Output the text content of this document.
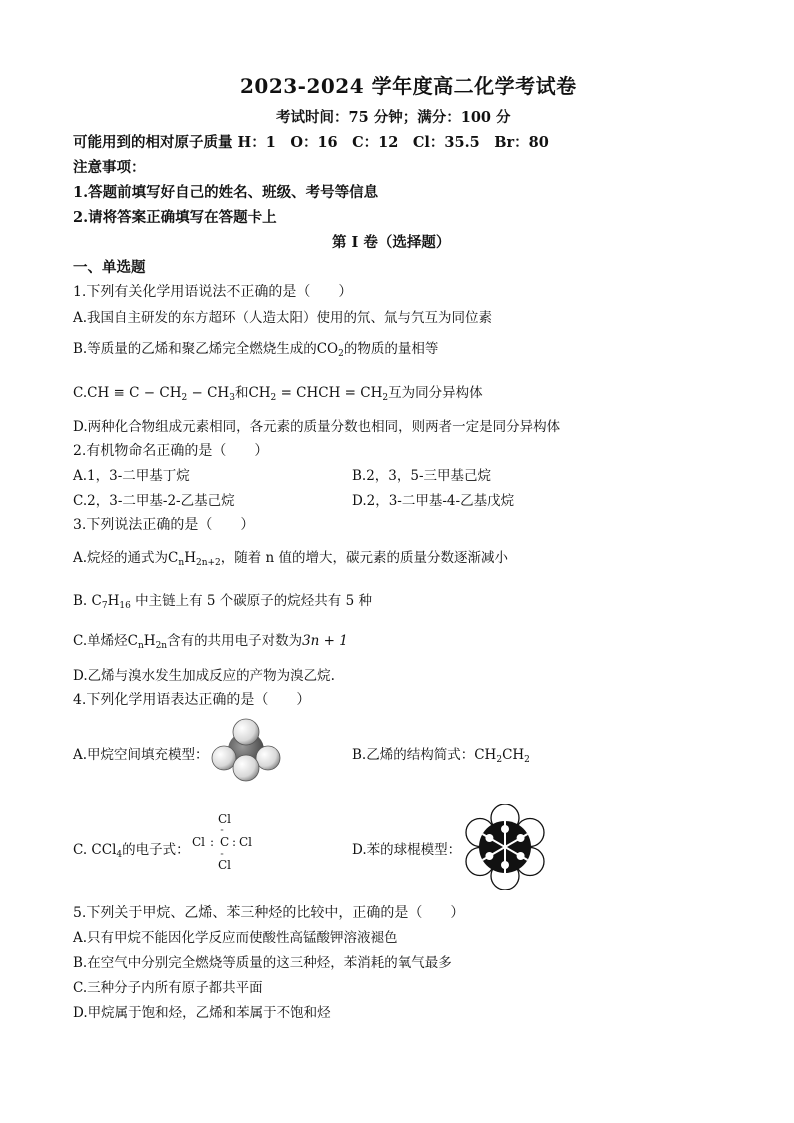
2023-2024 学年度高二化学考试卷
考试时间：75 分钟；满分：100 分
可能用到的相对原子质量 H：1　O：16　C：12　Cl：35.5　Br：80
注意事项：
1.答题前填写好自己的姓名、班级、考号等信息
2.请将答案正确填写在答题卡上
第 I 卷（选择题）
一、单选题
1.下列有关化学用语说法不正确的是（　　）
A.我国自主研发的东方超环（人造太阳）使用的氘、氚与氕互为同位素
B.等质量的乙烯和聚乙烯完全燃烧生成的$CO_2$的物质的量相等
$C.CH \equiv C - CH_2 - CH_3$和$CH_2$ = CHCH = $CH_2$互为同分异构体
D.两种化合物组成元素相同，各元素的质量分数也相同，则两者一定是同分异构体
2.有机物命名正确的是（　　）
A.1，3-二甲基丁烷	B.2，3，5-三甲基己烷
C.2，3-二甲基-2-乙基己烷	D.2，3-二甲基-4-乙基戊烷
3.下列说法正确的是（　　）
A.烷烃的通式为$C_nH_{2n+2}$，随着 n 值的增大，碳元素的质量分数逐渐减小
B. $C_7H_{16}$ 中主链上有 5 个碳原子的烷烃共有 5 种
C.单烯烃$C_nH_{2n}$含有的共用电子对数为3n + 1
D.乙烯与溴水发生加成反应的产物为溴乙烷.
4.下列化学用语表达正确的是（　　）
A.甲烷空间填充模型：	B.乙烯的结构简式：$CH_2CH_2$
C. CCl$_4$的电子式：
Cl
··
Cl : C : Cl
··
Cl
D.苯的球棍模型：
5.下列关于甲烷、乙烯、苯三种烃的比较中，正确的是（　　）
A.只有甲烷不能因化学反应而使酸性高锰酸钾溶液褪色
B.在空气中分别完全燃烧等质量的这三种烃，苯消耗的氧气最多
C.三种分子内所有原子都共平面
D.甲烷属于饱和烃，乙烯和苯属于不饱和烃
